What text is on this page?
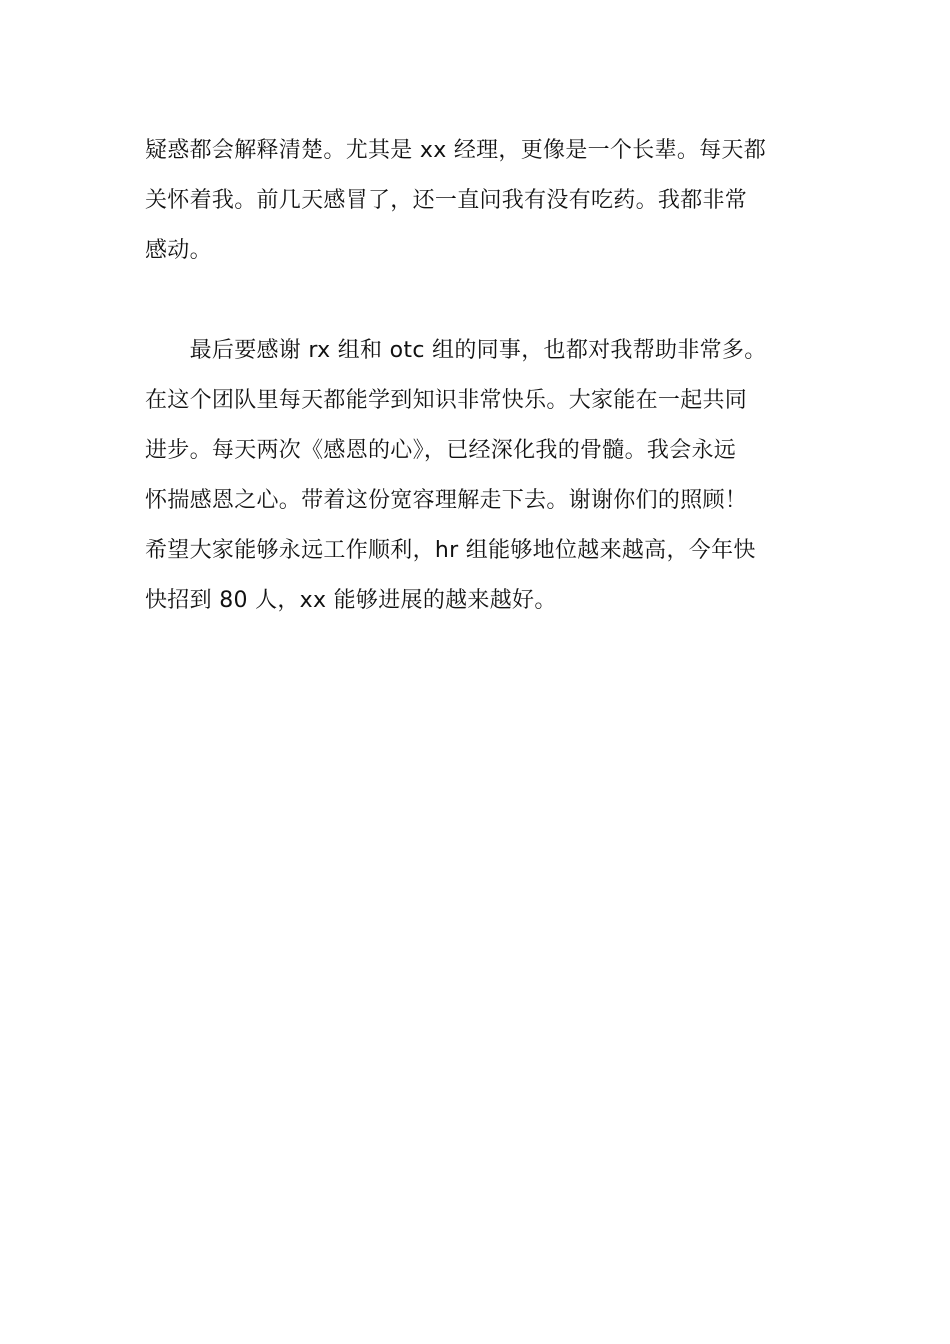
疑惑都会解释清楚。尤其是 xx 经理，更像是一个长辈。每天都
关怀着我。前几天感冒了，还一直问我有没有吃药。我都非常
感动。
　　最后要感谢 rx 组和 otc 组的同事，也都对我帮助非常多。
在这个团队里每天都能学到知识非常快乐。大家能在一起共同
进步。每天两次《感恩的心》，已经深化我的骨髓。我会永远
怀揣感恩之心。带着这份宽容理解走下去。谢谢你们的照顾！
希望大家能够永远工作顺利，hr 组能够地位越来越高，今年快
快招到 80 人，xx 能够进展的越来越好。
